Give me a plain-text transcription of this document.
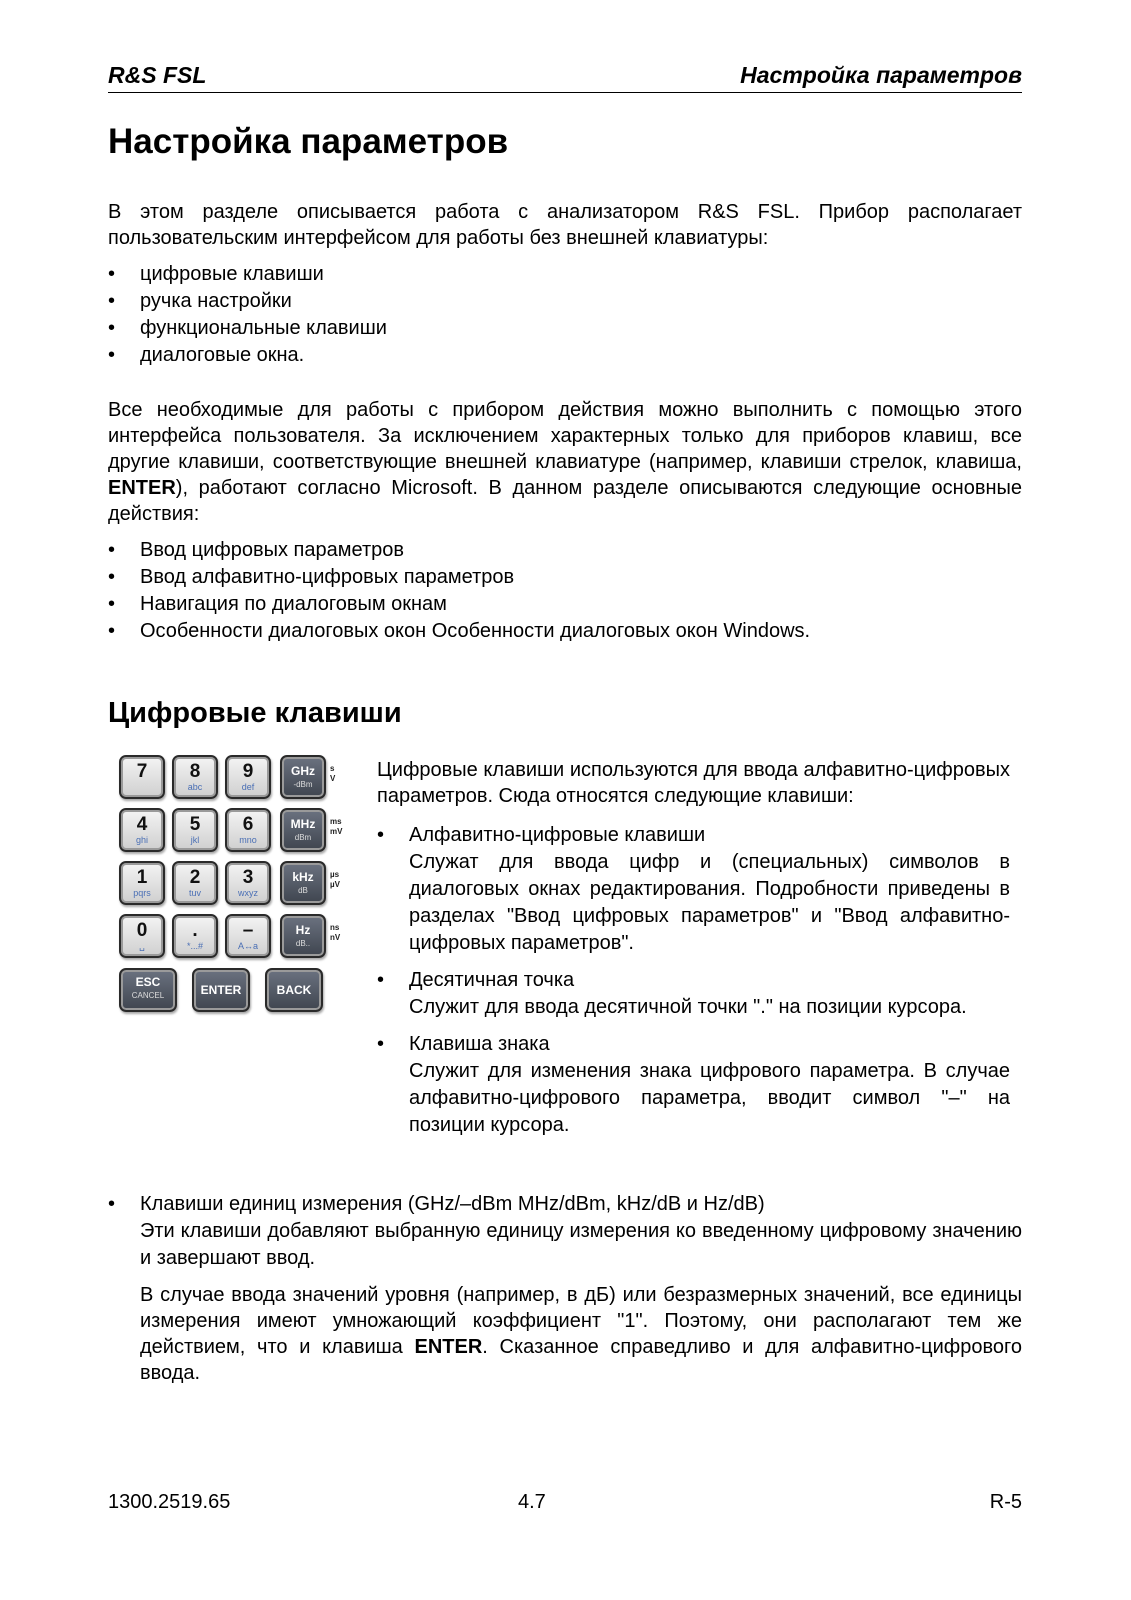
R&S FSL	Настройка параметров
Настройка параметров

В этом разделе описывается работа с анализатором R&S FSL. Прибор располагает пользовательским интерфейсом для работы без внешней клавиатуры:

• цифровые клавиши
• ручка настройки
• функциональные клавиши
• диалоговые окна.

Все необходимые для работы с прибором действия можно выполнить с помощью этого интерфейса пользователя. За исключением характерных только для приборов клавиш, все другие клавиши, соответствующие внешней клавиатуре (например, клавиши стрелок, клавиша, ENTER), работают согласно Microsoft. В данном разделе описываются следующие основные действия:

• Ввод цифровых параметров
• Ввод алфавитно-цифровых параметров
• Навигация по диалоговым окнам
• Особенности диалоговых окон Особенности диалоговых окон Windows.
Цифровые клавиши
7	8
abc
9
def
GHz
-dBm
s
V
4
ghi
5
jkl
6
mno
MHz
dBm
ms
mV
1
pqrs
2
tuv
3
wxyz
kHz
dB
µs
µV
0
␣
.
*...#
–
A↔a
Hz
dB..
ns
nV
ESC
CANCEL	ENTER	BACK

Цифровые клавиши используются для ввода алфавитно-цифровых параметров. Сюда относятся следующие клавиши:

• Алфавитно-цифровые клавиши
Служат для ввода цифр и (специальных) символов в диалоговых окнах редактирования. Подробности приведены в разделах "Ввод цифровых параметров" и "Ввод алфавитно-цифровых параметров".
• Десятичная точка
Служит для ввода десятичной точки "." на позиции курсора.
• Клавиша знака
Служит для изменения знака цифрового параметра. В случае алфавитно-цифрового параметра, вводит символ "–" на позиции курсора.
• Клавиши единиц измерения (GHz/–dBm MHz/dBm, kHz/dB и Hz/dB)
Эти клавиши добавляют выбранную единицу измерения ко введенному цифровому значению и завершают ввод.

В случае ввода значений уровня (например, в дБ) или безразмерных значений, все единицы измерения имеют умножающий коэффициент "1". Поэтому, они располагают тем же действием, что и клавиша ENTER. Сказанное справедливо и для алфавитно-цифрового ввода.

1300.2519.65	4.7	R-5
